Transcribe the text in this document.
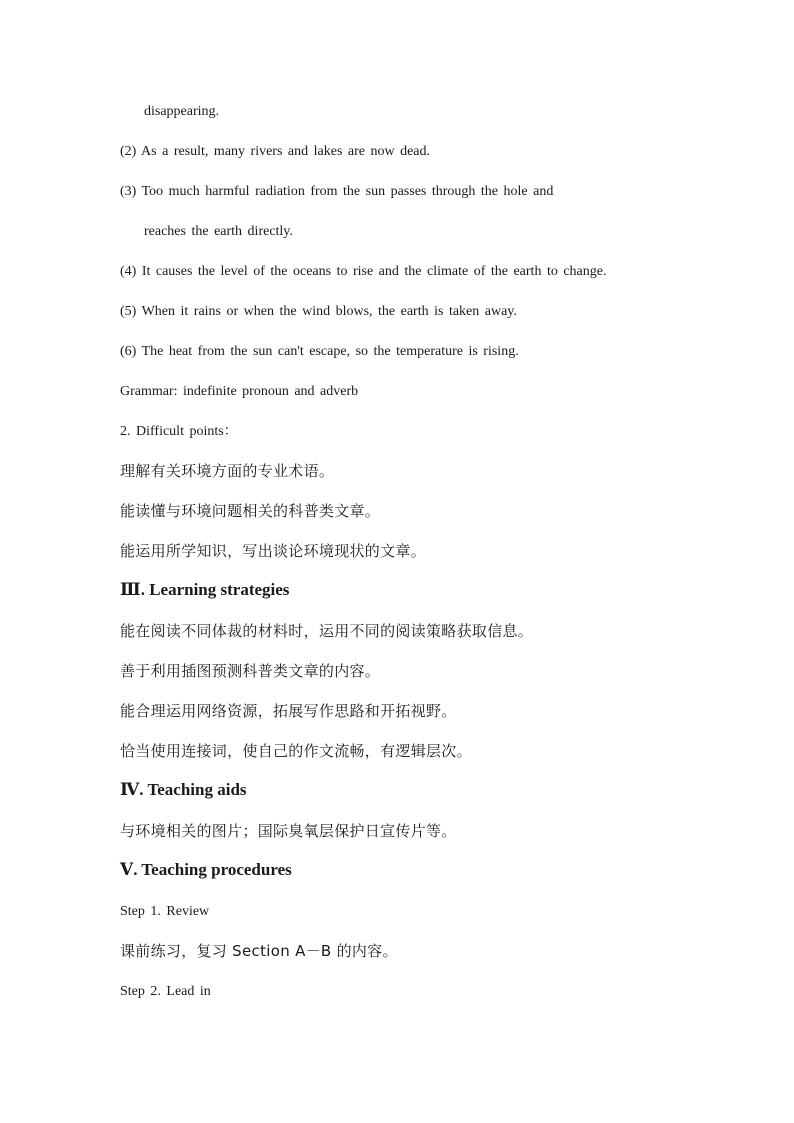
disappearing.
(2) As a result, many rivers and lakes are now dead.
(3) Too much harmful radiation from the sun passes through the hole and
reaches the earth directly.
(4) It causes the level of the oceans to rise and the climate of the earth to change.
(5) When it rains or when the wind blows, the earth is taken away.
(6) The heat from the sun can't escape, so the temperature is rising.
Grammar: indefinite pronoun and adverb
2. Difficult points：
理解有关环境方面的专业术语。
能读懂与环境问题相关的科普类文章。
能运用所学知识，写出谈论环境现状的文章。
Ⅲ. Learning strategies
能在阅读不同体裁的材料时，运用不同的阅读策略获取信息。
善于利用插图预测科普类文章的内容。
能合理运用网络资源，拓展写作思路和开拓视野。
恰当使用连接词，使自己的作文流畅，有逻辑层次。
Ⅳ. Teaching aids
与环境相关的图片；国际臭氧层保护日宣传片等。
Ⅴ. Teaching procedures
Step 1. Review
课前练习，复习 Section A－B 的内容。
Step 2. Lead in
